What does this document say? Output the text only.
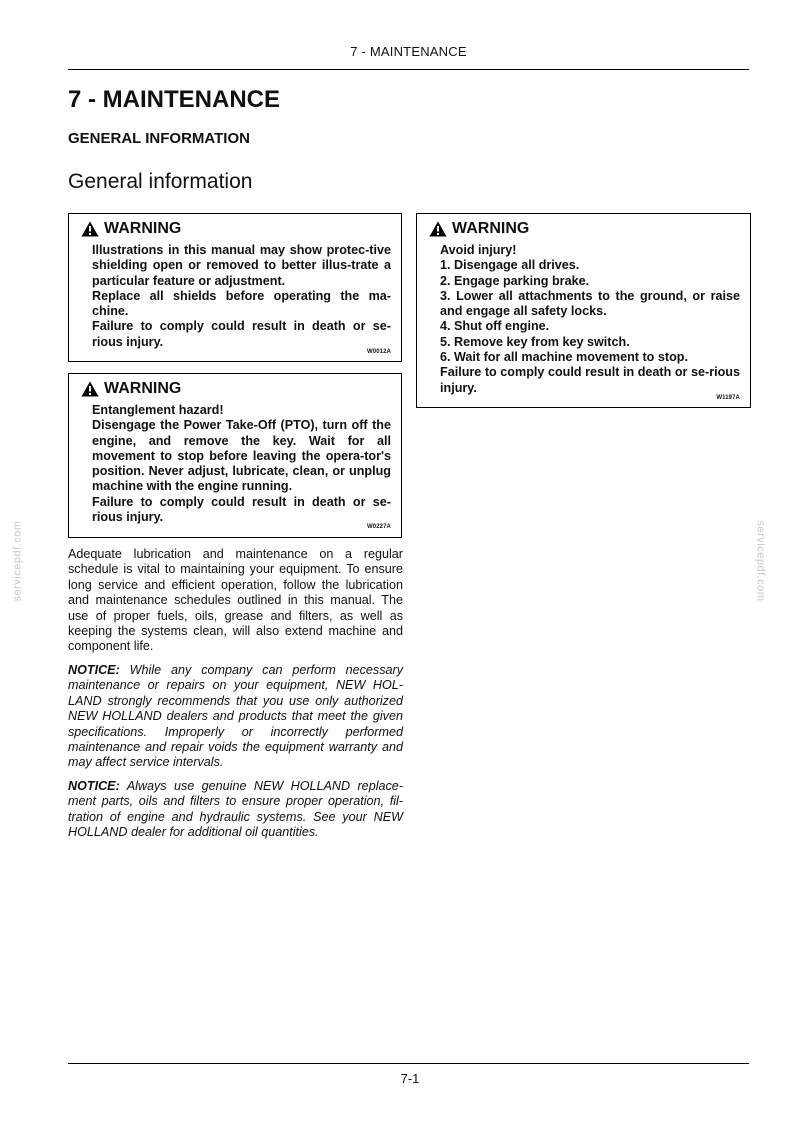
7 - MAINTENANCE
7 - MAINTENANCE
GENERAL INFORMATION
General information
WARNING

Illustrations in this manual may show protec-tive shielding open or removed to better illus-trate a particular feature or adjustment.

Replace all shields before operating the ma-chine.

Failure to comply could result in death or se-rious injury.

W0012A
WARNING

Entanglement hazard!

Disengage the Power Take-Off (PTO), turn off the engine, and remove the key. Wait for all movement to stop before leaving the opera-tor's position. Never adjust, lubricate, clean, or unplug machine with the engine running.

Failure to comply could result in death or se-rious injury.

W0227A
WARNING

Avoid injury!

1. Disengage all drives.

2. Engage parking brake.

3. Lower all attachments to the ground, or raise and engage all safety locks.

4. Shut off engine.

5. Remove key from key switch.

6. Wait for all machine movement to stop.

Failure to comply could result in death or se-rious injury.

W1197A

Adequate lubrication and maintenance on a regular schedule is vital to maintaining your equipment. To ensure long service and efficient operation, follow the lubrication and maintenance schedules outlined in this manual. The use of proper fuels, oils, grease and filters, as well as keeping the systems clean, will also extend machine and component life.

NOTICE: While any company can perform necessary maintenance or repairs on your equipment, NEW HOL-LAND strongly recommends that you use only authorized NEW HOLLAND dealers and products that meet the given specifications. Improperly or incorrectly performed maintenance and repair voids the equipment warranty and may affect service intervals.

NOTICE: Always use genuine NEW HOLLAND replace-ment parts, oils and filters to ensure proper operation, fil-tration of engine and hydraulic systems. See your NEW HOLLAND dealer for additional oil quantities.

servicepdf.com	servicepdf.com
7-1
